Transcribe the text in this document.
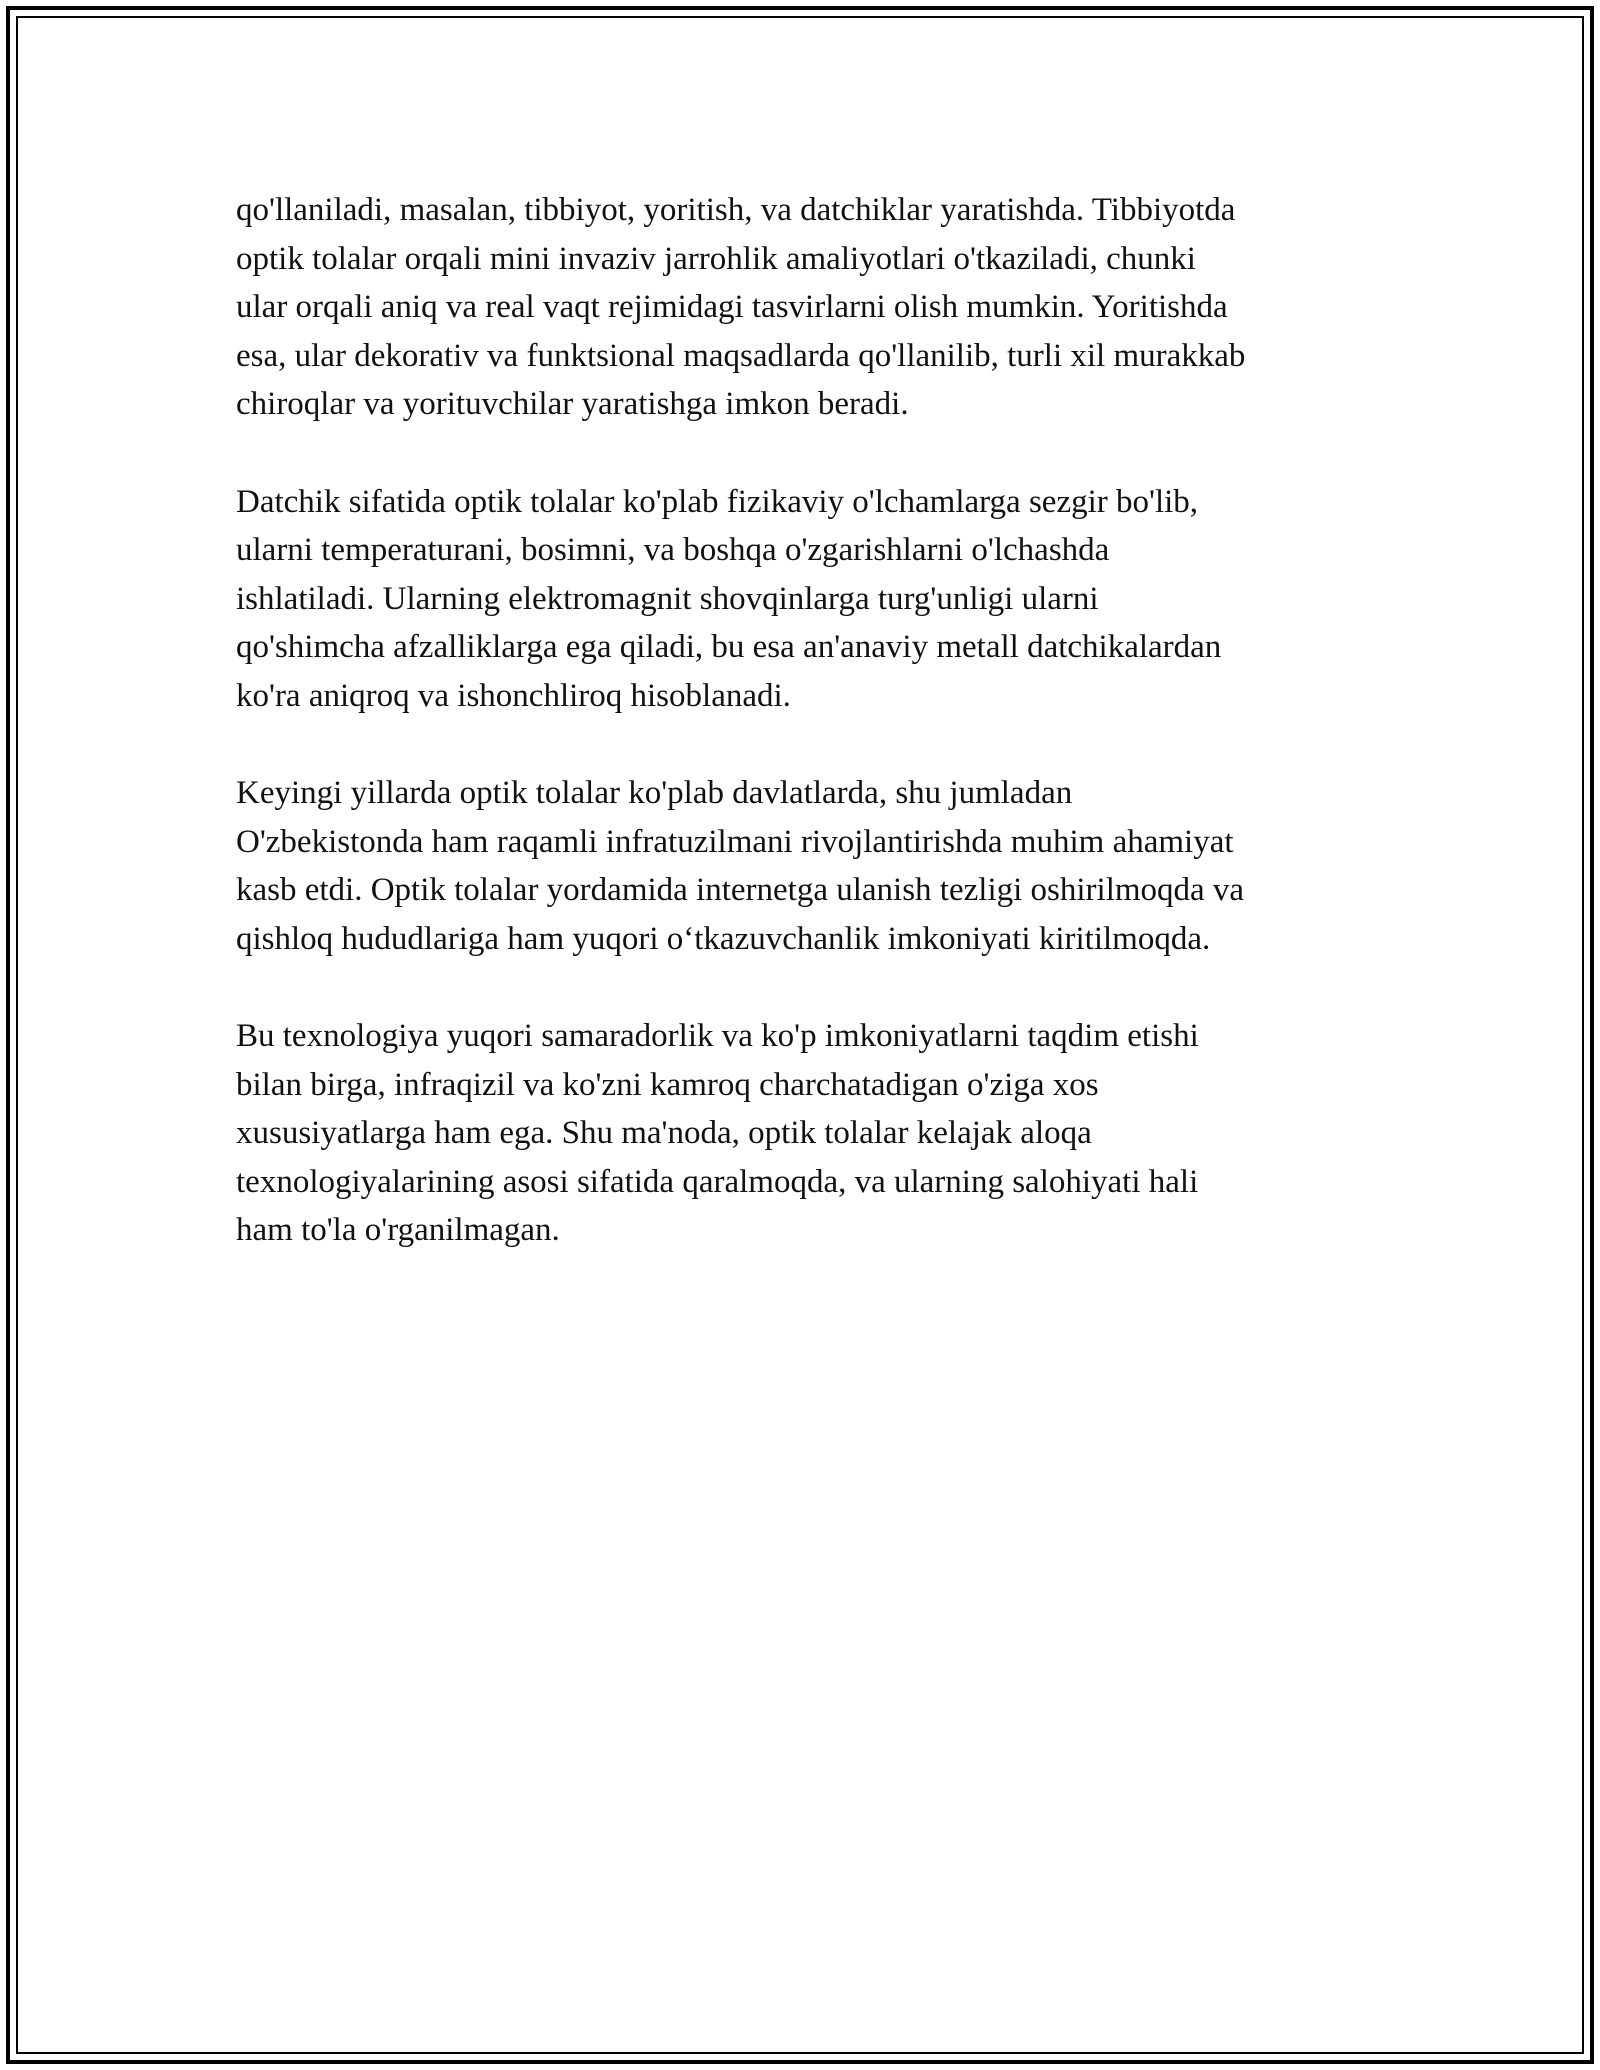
qo'llaniladi, masalan, tibbiyot, yoritish, va datchiklar yaratishda. Tibbiyotda
optik tolalar orqali mini invaziv jarrohlik amaliyotlari o'tkaziladi, chunki
ular orqali aniq va real vaqt rejimidagi tasvirlarni olish mumkin. Yoritishda
esa, ular dekorativ va funktsional maqsadlarda qo'llanilib, turli xil murakkab
chiroqlar va yorituvchilar yaratishga imkon beradi.

Datchik sifatida optik tolalar ko'plab fizikaviy o'lchamlarga sezgir bo'lib,
ularni temperaturani, bosimni, va boshqa o'zgarishlarni o'lchashda
ishlatiladi. Ularning elektromagnit shovqinlarga turg'unligi ularni
qo'shimcha afzalliklarga ega qiladi, bu esa an'anaviy metall datchikalardan
ko'ra aniqroq va ishonchliroq hisoblanadi.

Keyingi yillarda optik tolalar ko'plab davlatlarda, shu jumladan
O'zbekistonda ham raqamli infratuzilmani rivojlantirishda muhim ahamiyat
kasb etdi. Optik tolalar yordamida internetga ulanish tezligi oshirilmoqda va
qishloq hududlariga ham yuqori o‘tkazuvchanlik imkoniyati kiritilmoqda.

Bu texnologiya yuqori samaradorlik va ko'p imkoniyatlarni taqdim etishi
bilan birga, infraqizil va ko'zni kamroq charchatadigan o'ziga xos
xususiyatlarga ham ega. Shu ma'noda, optik tolalar kelajak aloqa
texnologiyalarining asosi sifatida qaralmoqda, va ularning salohiyati hali
ham to'la o'rganilmagan.
